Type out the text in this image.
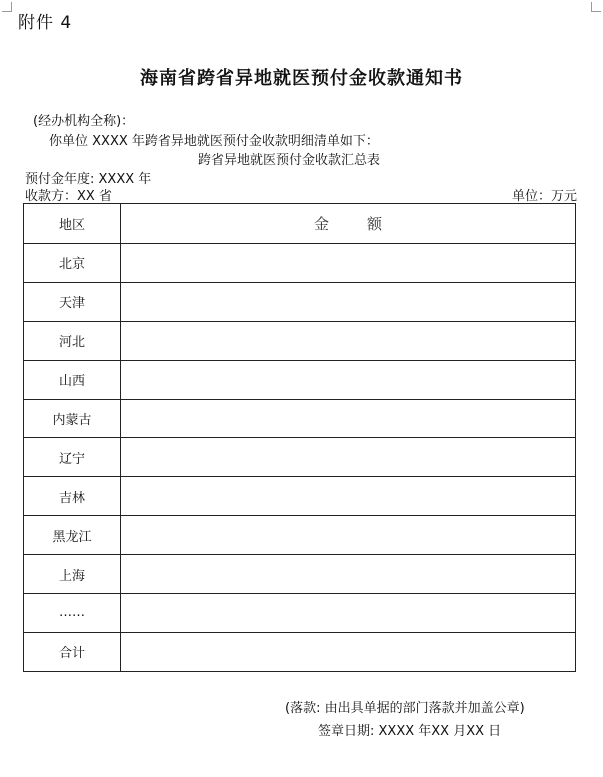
附件 4
海南省跨省异地就医预付金收款通知书
(经办机构全称)：
你单位 XXXX 年跨省异地就医预付金收款明细清单如下：
跨省异地就医预付金收款汇总表
预付金年度: XXXX 年
收款方：XX 省	单位：万元
地区	金额
北京	
天津	
河北	
山西	
内蒙古	
辽宁	
吉林	
黑龙江	
上海	
……	
合计	
(落款: 由出具单据的部门落款并加盖公章)
签章日期: XXXX 年XX 月XX 日
